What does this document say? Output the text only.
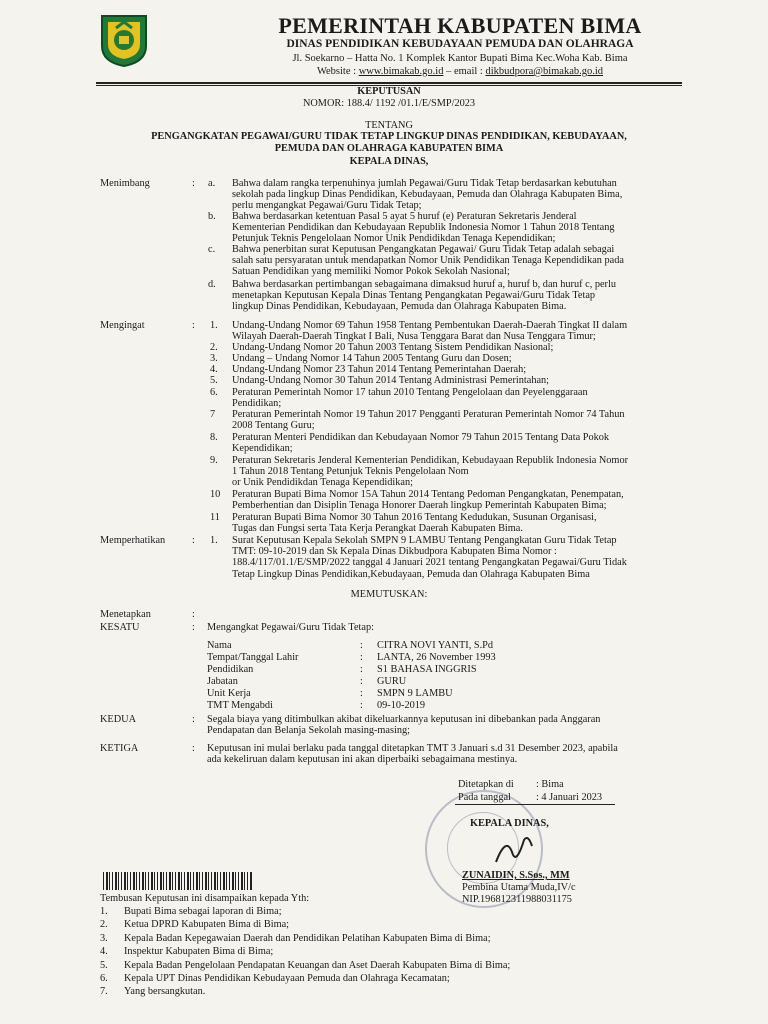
PEMERINTAH KABUPATEN BIMA
DINAS PENDIDIKAN KEBUDAYAAN PEMUDA DAN OLAHRAGA
Jl. Soekarno – Hatta No. 1 Komplek Kantor Bupati Bima Kec.Woha Kab. Bima
Website : www.bimakab.go.id – email : dikbudpora@bimakab.go.id
KEPUTUSAN
NOMOR: 188.4/ 1192 /01.1/E/SMP/2023
TENTANG
PENGANGKATAN PEGAWAI/GURU TIDAK TETAP LINGKUP DINAS PENDIDIKAN, KEBUDAYAAN,
PEMUDA DAN OLAHRAGA KABUPATEN BIMA
KEPALA DINAS,
Menimbang	: a. Bahwa dalam rangka terpenuhinya jumlah Pegawai/Guru Tidak Tetap berdasarkan kebutuhan
sekolah pada lingkup Dinas Pendidikan, Kebudayaan, Pemuda dan Olahraga Kabupaten Bima,
perlu mengangkat Pegawai/Guru Tidak Tetap;
b. Bahwa berdasarkan ketentuan Pasal 5 ayat 5 huruf (e) Peraturan Sekretaris Jenderal
Kementerian Pendidikan dan Kebudayaan Republik Indonesia Nomor 1 Tahun 2018 Tentang
Petunjuk Teknis Pengelolaan Nomor Unik Pendidikdan Tenaga Kependidikan;
c. Bahwa penerbitan surat Keputusan Pengangkatan Pegawai/ Guru Tidak Tetap adalah sebagai
salah satu persyaratan untuk mendapatkan Nomor Unik Pendidikan Tenaga Kependidikan pada
Satuan Pendidikan yang memiliki Nomor Pokok Sekolah Nasional;
d. Bahwa berdasarkan pertimbangan sebagaimana dimaksud huruf a, huruf b, dan huruf c, perlu
menetapkan Keputusan Kepala Dinas Tentang Pengangkatan Pegawai/Guru Tidak Tetap
lingkup Dinas Pendidikan, Kebudayaan, Pemuda dan Olahraga Kabupaten Bima.
Mengingat	: 1. Undang-Undang Nomor 69 Tahun 1958 Tentang Pembentukan Daerah-Daerah Tingkat II dalam
Wilayah Daerah-Daerah Tingkat I Bali, Nusa Tenggara Barat dan Nusa Tenggara Timur;
2. Undang-Undang Nomor 20 Tahun 2003 Tentang Sistem Pendidikan Nasional;
3. Undang – Undang Nomor 14 Tahun 2005 Tentang Guru dan Dosen;
4. Undang-Undang Nomor 23 Tahun 2014 Tentang Pemerintahan Daerah;
5. Undang-Undang Nomor 30 Tahun 2014 Tentang Administrasi Pemerintahan;
6. Peraturan Pemerintah Nomor 17 tahun 2010 Tentang Pengelolaan dan Peyelenggaraan
Pendidikan;
7 Peraturan Pemerintah Nomor 19 Tahun 2017 Pengganti Peraturan Pemerintah Nomor 74 Tahun
2008 Tentang Guru;
8. Peraturan Menteri Pendidikan dan Kebudayaan Nomor 79 Tahun 2015 Tentang Data Pokok
Kependidikan;
9. Peraturan Sekretaris Jenderal Kementerian Pendidikan, Kebudayaan Republik Indonesia Nomor
1 Tahun 2018 Tentang Petunjuk Teknis Pengelolaan Nom
or Unik Pendidikdan Tenaga Kependidikan;
10 Peraturan Bupati Bima Nomor 15A Tahun 2014 Tentang Pedoman Pengangkatan, Penempatan,
Pemberhentian dan Disiplin Tenaga Honorer Daerah lingkup Pemerintah Kabupaten Bima;
11 Peraturan Bupati Bima Nomor 30 Tahun 2016 Tentang Kedudukan, Susunan Organisasi,
Tugas dan Fungsi serta Tata Kerja Perangkat Daerah Kabupaten Bima.
Memperhatikan	: 1. Surat Keputusan Kepala Sekolah SMPN 9 LAMBU Tentang Pengangkatan Guru Tidak Tetap
TMT: 09-10-2019 dan Sk Kepala Dinas Dikbudpora Kabupaten Bima Nomor :
188.4/117/01.1/E/SMP/2022 tanggal 4 Januari 2021 tentang Pengangkatan Pegawai/Guru Tidak
Tetap Lingkup Dinas Pendidikan,Kebudayaan, Pemuda dan Olahraga Kabupaten Bima
MEMUTUSKAN:
Menetapkan	:
KESATU	: Mengangkat Pegawai/Guru Tidak Tetap:
Nama	: CITRA NOVI YANTI, S.Pd
Tempat/Tanggal Lahir	: LANTA, 26 November 1993
Pendidikan	: S1 BAHASA INGGRIS
Jabatan	: GURU
Unit Kerja	: SMPN 9 LAMBU
TMT Mengabdi	: 09-10-2019
KEDUA	: Segala biaya yang ditimbulkan akibat dikeluarkannya keputusan ini dibebankan pada Anggaran
Pendapatan dan Belanja Sekolah masing-masing;
KETIGA	: Keputusan ini mulai berlaku pada tanggal ditetapkan TMT 3 Januari s.d 31 Desember 2023, apabila
ada kekeliruan dalam keputusan ini akan diperbaiki sebagaimana mestinya.
Ditetapkan di : Bima
Pada tanggal : 4 Januari 2023
KEPALA DINAS,
ZUNAIDIN, S.Sos., MM
Pembina Utama Muda,IV/c
NIP.196812311988031175
Tembusan Keputusan ini disampaikan kepada Yth:
1. Bupati Bima sebagai laporan di Bima;
2. Ketua DPRD Kabupaten Bima di Bima;
3. Kepala Badan Kepegawaian Daerah dan Pendidikan Pelatihan Kabupaten Bima di Bima;
4. Inspektur Kabupaten Bima di Bima;
5. Kepala Badan Pengelolaan Pendapatan Keuangan dan Aset Daerah Kabupaten Bima di Bima;
6. Kepala UPT Dinas Pendidikan Kebudayaan Pemuda dan Olahraga Kecamatan;
7. Yang bersangkutan.
